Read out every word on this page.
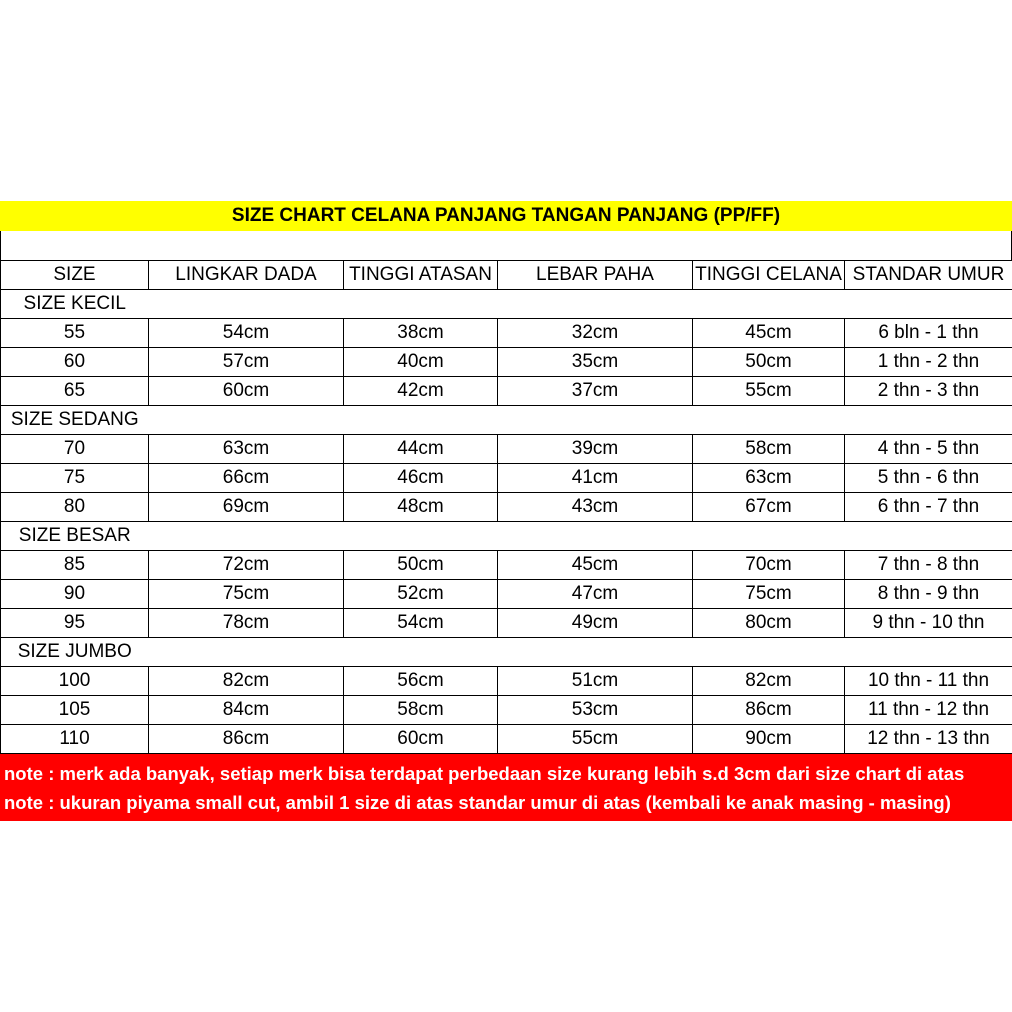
SIZE CHART CELANA PANJANG TANGAN PANJANG (PP/FF)
SIZE	LINGKAR DADA	TINGGI ATASAN	LEBAR PAHA	TINGGI CELANA	STANDAR UMUR
SIZE KECIL					
55	54cm	38cm	32cm	45cm	6 bln - 1 thn
60	57cm	40cm	35cm	50cm	1 thn - 2 thn
65	60cm	42cm	37cm	55cm	2 thn - 3 thn
SIZE SEDANG					
70	63cm	44cm	39cm	58cm	4 thn - 5 thn
75	66cm	46cm	41cm	63cm	5 thn - 6 thn
80	69cm	48cm	43cm	67cm	6 thn - 7 thn
SIZE BESAR					
85	72cm	50cm	45cm	70cm	7 thn - 8 thn
90	75cm	52cm	47cm	75cm	8 thn - 9 thn
95	78cm	54cm	49cm	80cm	9 thn - 10 thn
SIZE JUMBO					
100	82cm	56cm	51cm	82cm	10 thn - 11 thn
105	84cm	58cm	53cm	86cm	11 thn - 12 thn
110	86cm	60cm	55cm	90cm	12 thn - 13 thn
note : merk ada banyak, setiap merk bisa terdapat perbedaan size kurang lebih s.d 3cm dari size chart di atas
note : ukuran piyama small cut, ambil 1 size di atas standar umur di atas (kembali ke anak masing - masing)
